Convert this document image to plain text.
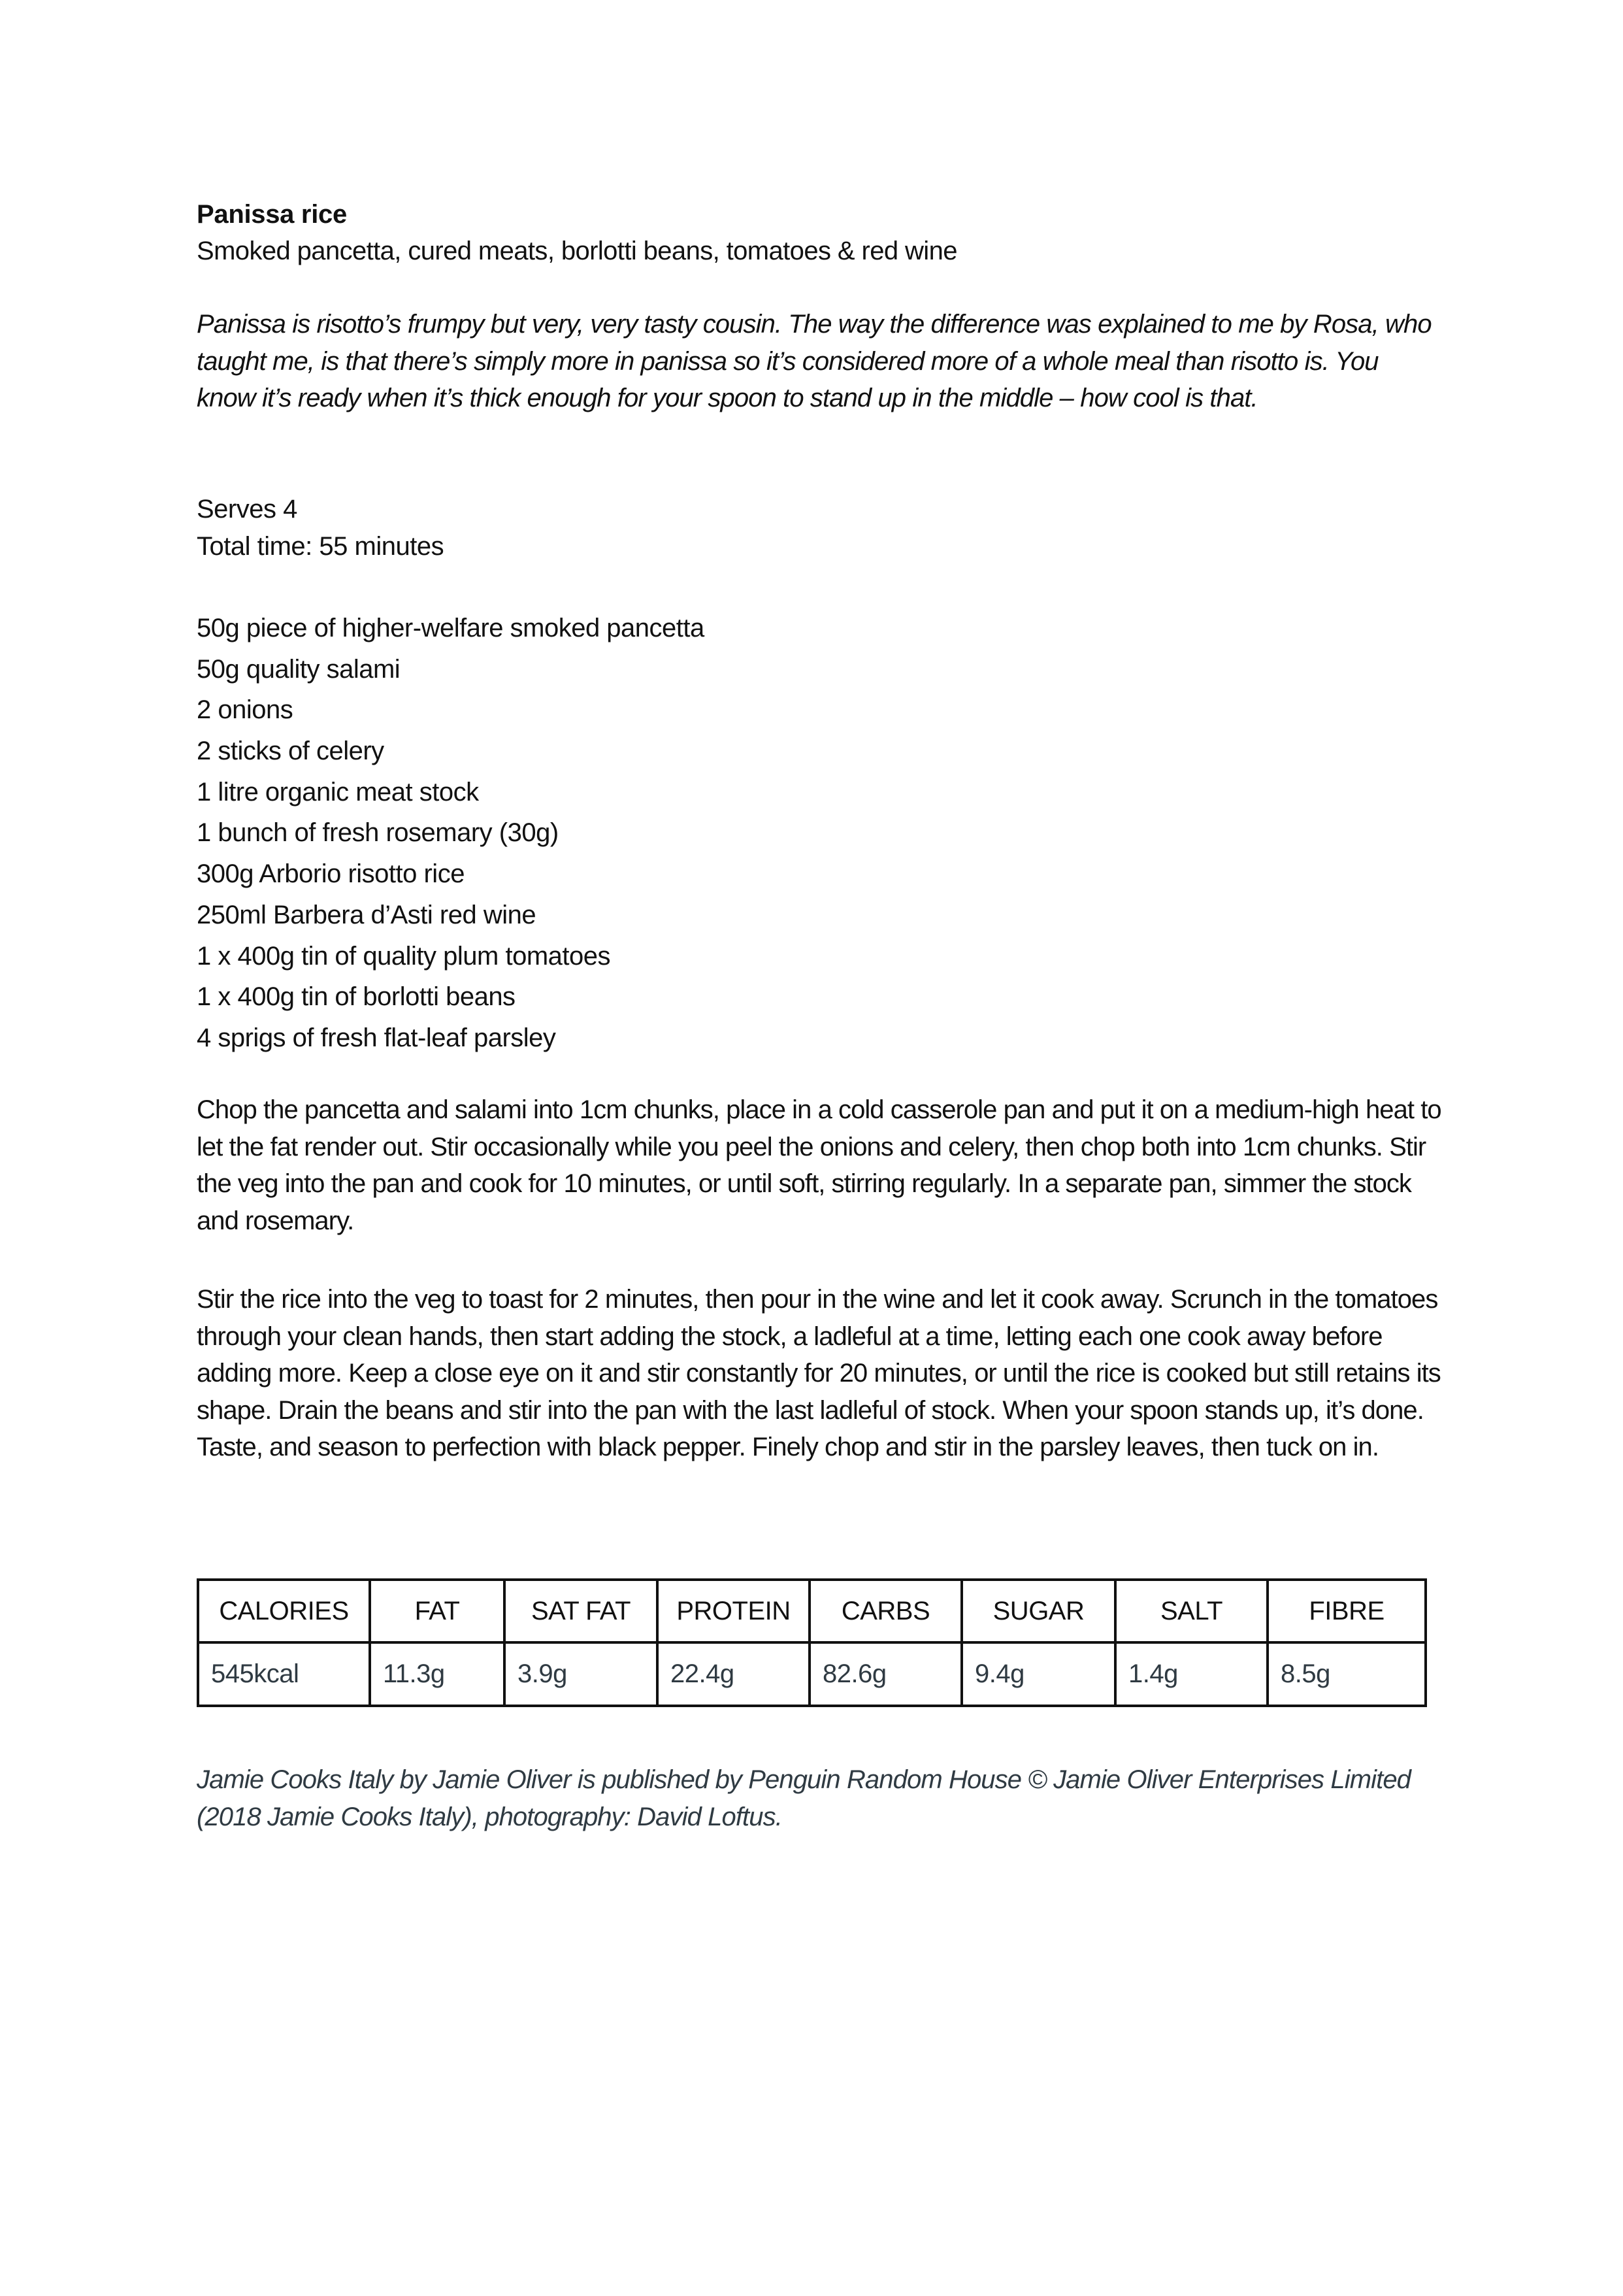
Panissa rice
Smoked pancetta, cured meats, borlotti beans, tomatoes & red wine

Panissa is risotto’s frumpy but very, very tasty cousin. The way the difference was explained to me by Rosa, who taught me, is that there’s simply more in panissa so it’s considered more of a whole meal than risotto is. You know it’s ready when it’s thick enough for your spoon to stand up in the middle – how cool is that.

Serves 4
Total time: 55 minutes
50g piece of higher-welfare smoked pancetta
50g quality salami
2 onions
2 sticks of celery
1 litre organic meat stock
1 bunch of fresh rosemary (30g)
300g Arborio risotto rice
250ml Barbera d’Asti red wine
1 x 400g tin of quality plum tomatoes
1 x 400g tin of borlotti beans
4 sprigs of fresh flat-leaf parsley

Chop the pancetta and salami into 1cm chunks, place in a cold casserole pan and put it on a medium-high heat to let the fat render out. Stir occasionally while you peel the onions and celery, then chop both into 1cm chunks. Stir the veg into the pan and cook for 10 minutes, or until soft, stirring regularly. In a separate pan, simmer the stock and rosemary.

Stir the rice into the veg to toast for 2 minutes, then pour in the wine and let it cook away. Scrunch in the tomatoes through your clean hands, then start adding the stock, a ladleful at a time, letting each one cook away before adding more. Keep a close eye on it and stir constantly for 20 minutes, or until the rice is cooked but still retains its shape. Drain the beans and stir into the pan with the last ladleful of stock. When your spoon stands up, it’s done. Taste, and season to perfection with black pepper. Finely chop and stir in the parsley leaves, then tuck on in.

CALORIES	FAT	SAT FAT	PROTEIN	CARBS	SUGAR	SALT	FIBRE
545kcal	11.3g	3.9g	22.4g	82.6g	9.4g	1.4g	8.5g

Jamie Cooks Italy by Jamie Oliver is published by Penguin Random House © Jamie Oliver Enterprises Limited (2018 Jamie Cooks Italy), photography: David Loftus.
